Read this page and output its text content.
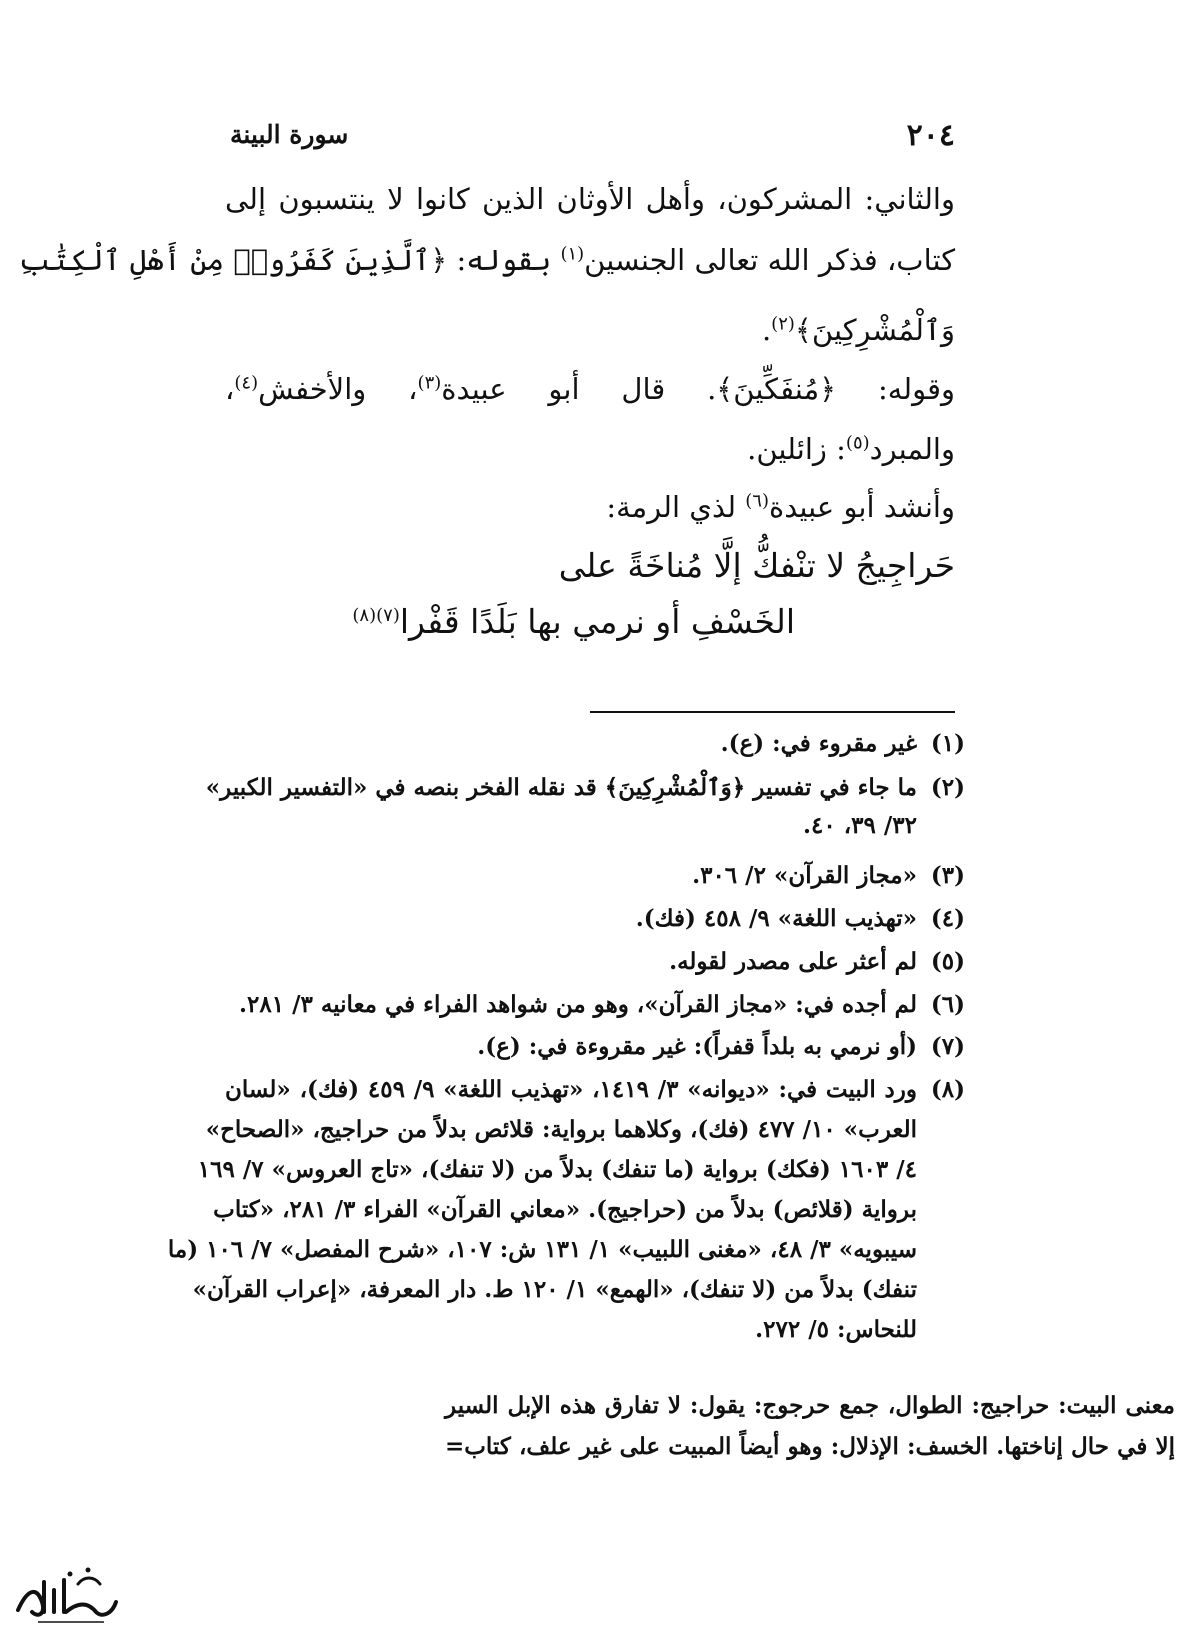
٢٠٤
سورة البينة
والثاني: المشركون، وأهل الأوثان الذين كانوا لا ينتسبون إلى
كتاب، فذكر الله تعالى الجنسين$^{(١)}$ بقوله: ﴿ٱلَّذِينَ كَفَرُوا۟ مِنْ أَهْلِ ٱلْكِتَٰبِ
وَٱلْمُشْرِكِينَ﴾$^{(٢)}$.
وقوله: ﴿مُنفَكِّينَ﴾. قال أبو عبيدة$^{(٣)}$، والأخفش$^{(٤)}$،
والمبرد$^{(٥)}$: زائلين.
وأنشد أبو عبيدة$^{(٦)}$ لذي الرمة:
حَراجِيجُ لا تنْفكُّ إلَّا مُناخَةً على
الخَسْفِ أو نرمي بها بَلَدًا قَفْرا$^{(٧)(٨)}$
(١)
غير مقروء في: (ع).
(٢)
ما جاء في تفسير ﴿وَٱلْمُشْرِكِينَ﴾ قد نقله الفخر بنصه في «التفسير الكبير»
٣٢/ ٣٩، ٤٠.
(٣)
«مجاز القرآن» ٢/ ٣٠٦.
(٤)
«تهذيب اللغة» ٩/ ٤٥٨ (فك).
(٥)
لم أعثر على مصدر لقوله.
(٦)
لم أجده في: «مجاز القرآن»، وهو من شواهد الفراء في معانيه ٣/ ٢٨١.
(٧)
(أو نرمي به بلداً قفراً): غير مقروءة في: (ع).
(٨)
ورد البيت في: «ديوانه» ٣/ ١٤١٩، «تهذيب اللغة» ٩/ ٤٥٩ (فك)، «لسان
العرب» ١٠/ ٤٧٧ (فك)، وكلاهما برواية: قلائص بدلاً من حراجيج، «الصحاح»
٤/ ١٦٠٣ (فكك) برواية (ما تنفك) بدلاً من (لا تنفك)، «تاج العروس» ٧/ ١٦٩
برواية (قلائص) بدلاً من (حراجيج). «معاني القرآن» الفراء ٣/ ٢٨١، «كتاب
سيبويه» ٣/ ٤٨، «مغنى اللبيب» ١/ ١٣١ ش: ١٠٧، «شرح المفصل» ٧/ ١٠٦ (ما
تنفك) بدلاً من (لا تنفك)، «الهمع» ١/ ١٢٠ ط. دار المعرفة، «إعراب القرآن»
للنحاس: ٥/ ٢٧٢.
معنى البيت: حراجيج: الطوال، جمع حرجوج: يقول: لا تفارق هذه الإبل السير
إلا في حال إناختها. الخسف: الإذلال: وهو أيضاً المبيت على غير علف، كتاب=
